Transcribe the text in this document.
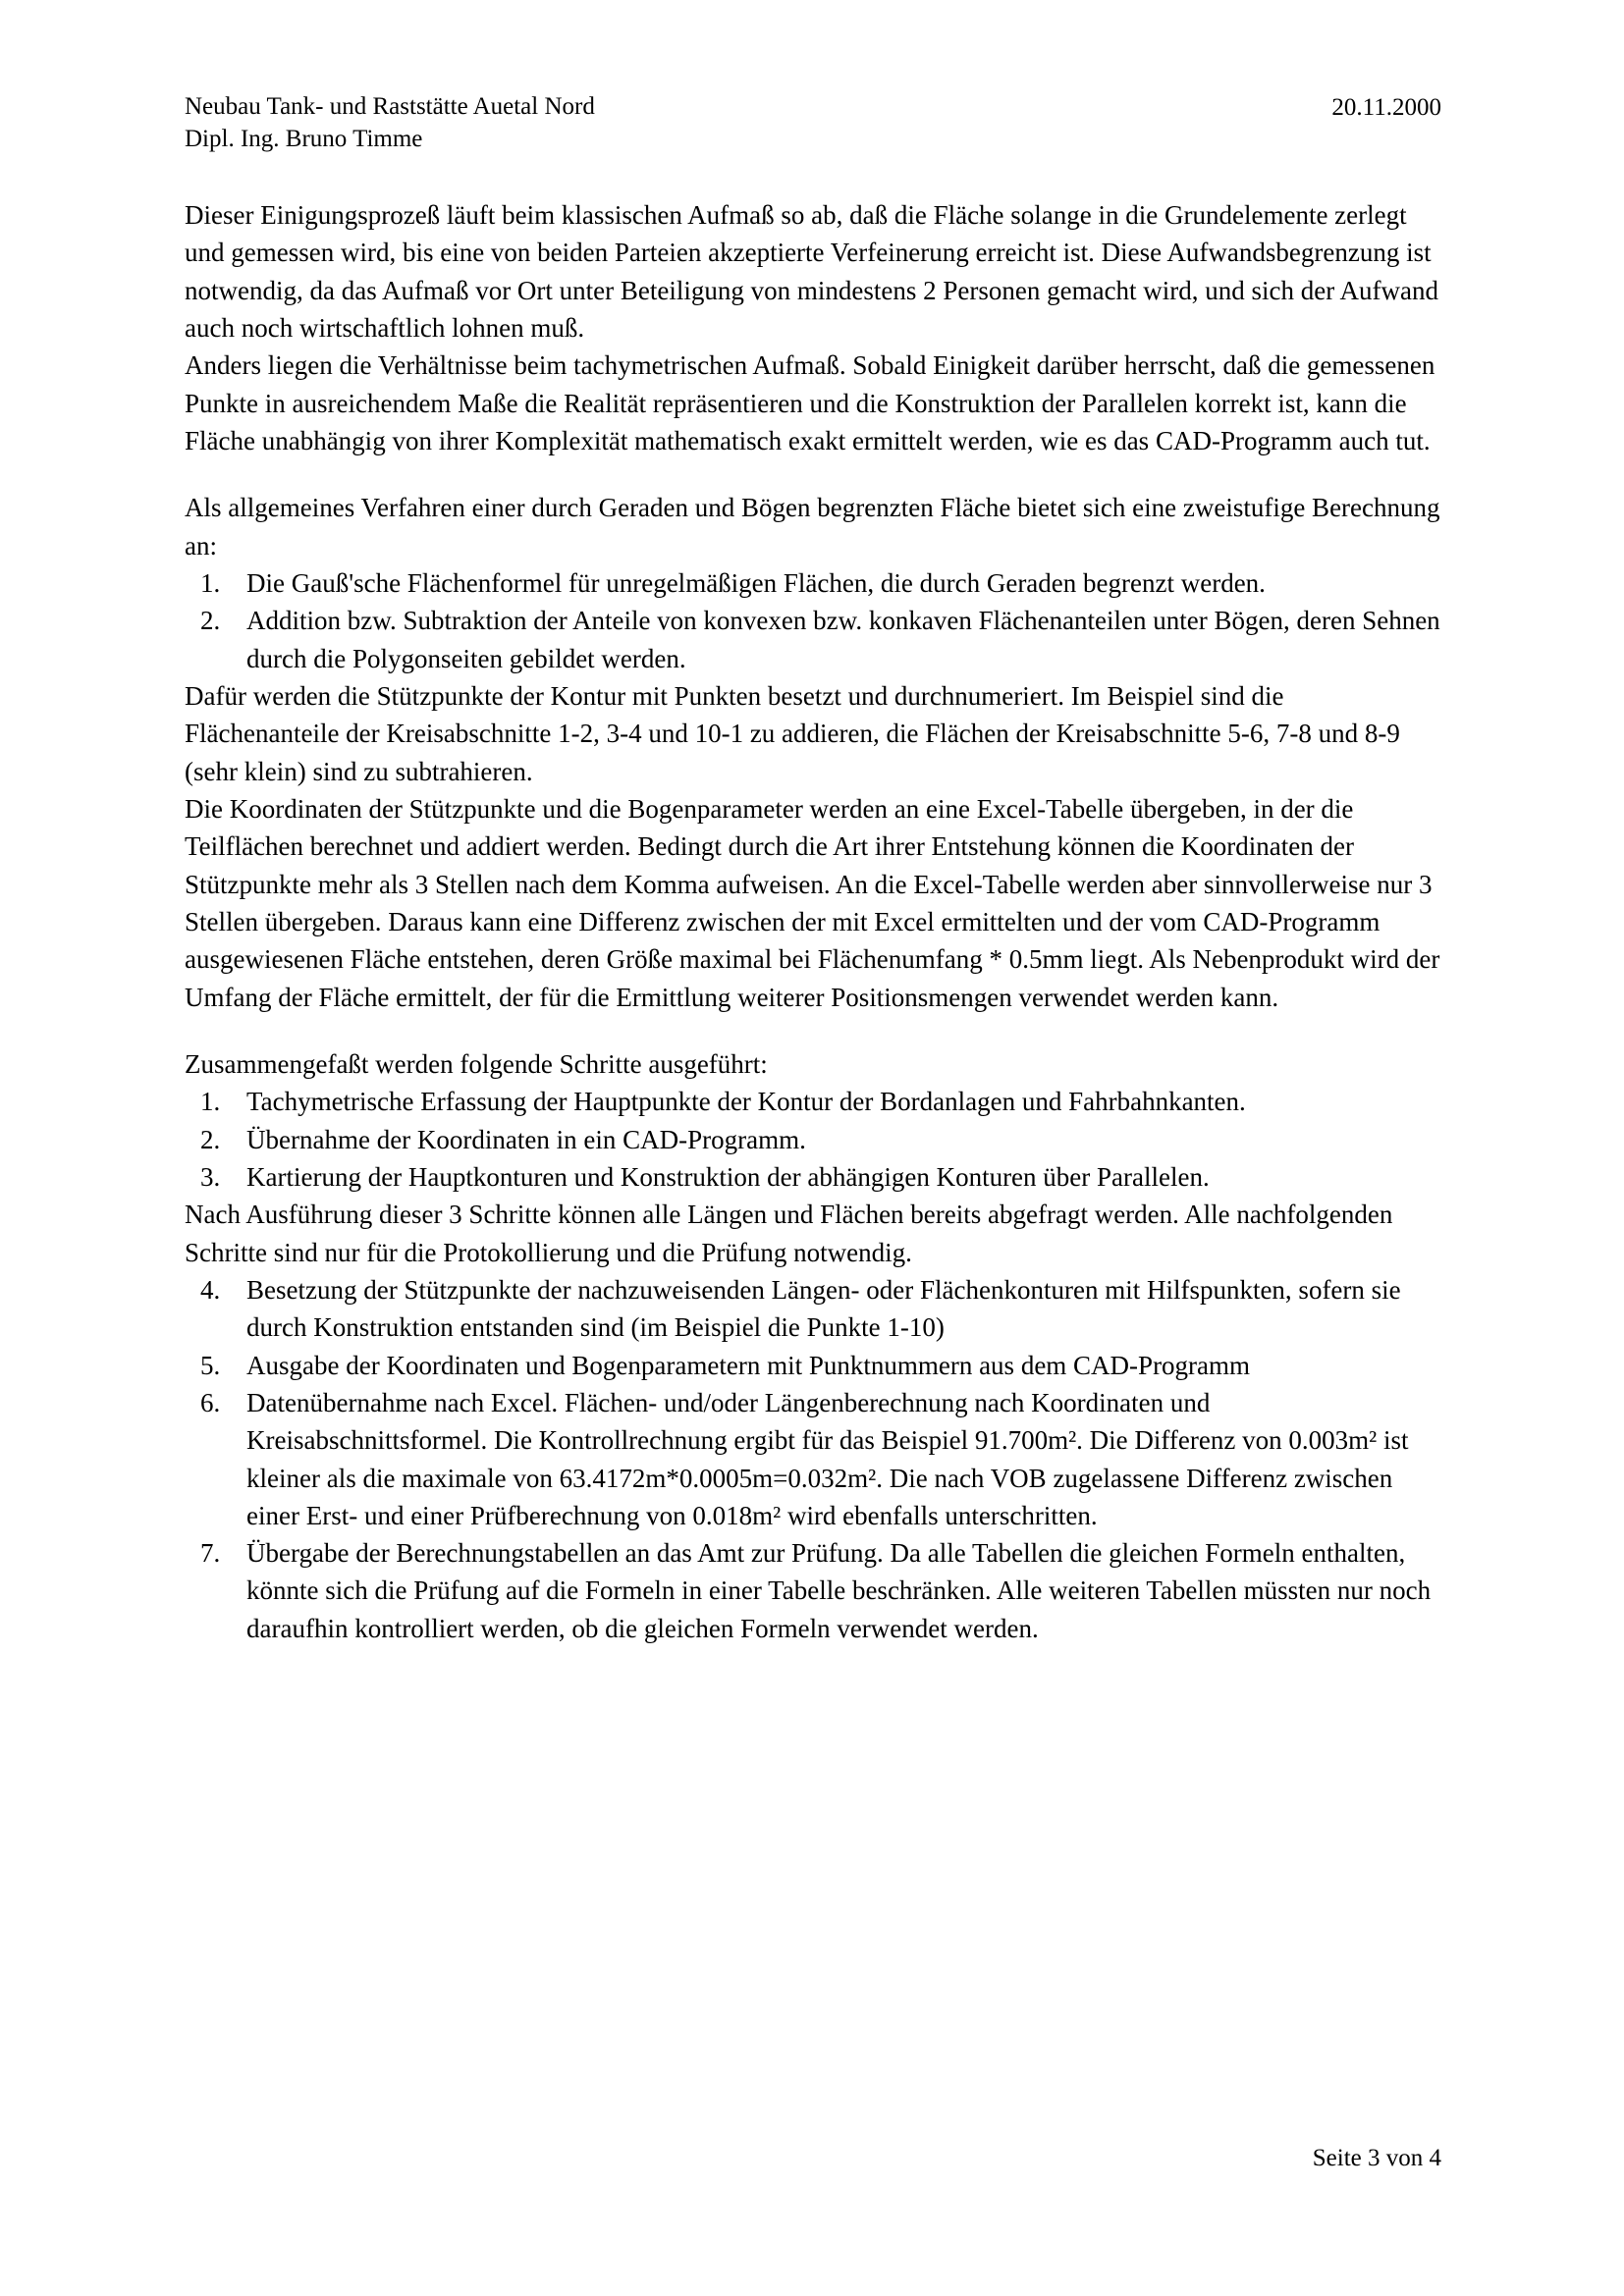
Neubau Tank- und Raststätte Auetal Nord
Dipl. Ing. Bruno Timme
20.11.2000

Dieser Einigungsprozeß läuft beim klassischen Aufmaß so ab, daß die Fläche solange in die Grundelemente zerlegt und gemessen wird, bis eine von beiden Parteien akzeptierte Verfeinerung erreicht ist. Diese Aufwandsbegrenzung ist notwendig, da das Aufmaß vor Ort unter Beteiligung von mindestens 2 Personen gemacht wird, und sich der Aufwand auch noch wirtschaftlich lohnen muß.

Anders liegen die Verhältnisse beim tachymetrischen Aufmaß. Sobald Einigkeit darüber herrscht, daß die gemessenen Punkte in ausreichendem Maße die Realität repräsentieren und die Konstruktion der Parallelen korrekt ist, kann die Fläche unabhängig von ihrer Komplexität mathematisch exakt ermittelt werden, wie es das CAD-Programm auch tut.

Als allgemeines Verfahren einer durch Geraden und Bögen begrenzten Fläche bietet sich eine zweistufige Berechnung an:

1. Die Gauß'sche Flächenformel für unregelmäßigen Flächen, die durch Geraden begrenzt werden.
2. Addition bzw. Subtraktion der Anteile von konvexen bzw. konkaven Flächenanteilen unter Bögen, deren Sehnen durch die Polygonseiten gebildet werden.

Dafür werden die Stützpunkte der Kontur mit Punkten besetzt und durchnumeriert. Im Beispiel sind die Flächenanteile der Kreisabschnitte 1-2, 3-4 und 10-1 zu addieren, die Flächen der Kreisabschnitte 5-6, 7-8 und 8-9 (sehr klein) sind zu subtrahieren.

Die Koordinaten der Stützpunkte und die Bogenparameter werden an eine Excel-Tabelle übergeben, in der die Teilflächen berechnet und addiert werden. Bedingt durch die Art ihrer Entstehung können die Koordinaten der Stützpunkte mehr als 3 Stellen nach dem Komma aufweisen. An die Excel-Tabelle werden aber sinnvollerweise nur 3 Stellen übergeben. Daraus kann eine Differenz zwischen der mit Excel ermittelten und der vom CAD-Programm ausgewiesenen Fläche entstehen, deren Größe maximal bei Flächenumfang * 0.5mm liegt. Als Nebenprodukt wird der Umfang der Fläche ermittelt, der für die Ermittlung weiterer Positionsmengen verwendet werden kann.

Zusammengefaßt werden folgende Schritte ausgeführt:

1. Tachymetrische Erfassung der Hauptpunkte der Kontur der Bordanlagen und Fahrbahnkanten.
2. Übernahme der Koordinaten in ein CAD-Programm.
3. Kartierung der Hauptkonturen und Konstruktion der abhängigen Konturen über Parallelen.

Nach Ausführung dieser 3 Schritte können alle Längen und Flächen bereits abgefragt werden. Alle nachfolgenden Schritte sind nur für die Protokollierung und die Prüfung notwendig.

4. Besetzung der Stützpunkte der nachzuweisenden Längen- oder Flächenkonturen mit Hilfspunkten, sofern sie durch Konstruktion entstanden sind (im Beispiel die Punkte 1-10)
5. Ausgabe der Koordinaten und Bogenparametern mit Punktnummern aus dem CAD-Programm
6. Datenübernahme nach Excel. Flächen- und/oder Längenberechnung nach Koordinaten und Kreisabschnittsformel. Die Kontrollrechnung ergibt für das Beispiel 91.700m². Die Differenz von 0.003m² ist kleiner als die maximale von 63.4172m*0.0005m=0.032m². Die nach VOB zugelassene Differenz zwischen einer Erst- und einer Prüfberechnung von 0.018m² wird ebenfalls unterschritten.
7. Übergabe der Berechnungstabellen an das Amt zur Prüfung. Da alle Tabellen die gleichen Formeln enthalten, könnte sich die Prüfung auf die Formeln in einer Tabelle beschränken. Alle weiteren Tabellen müssten nur noch daraufhin kontrolliert werden, ob die gleichen Formeln verwendet werden.
Seite 3 von 4
